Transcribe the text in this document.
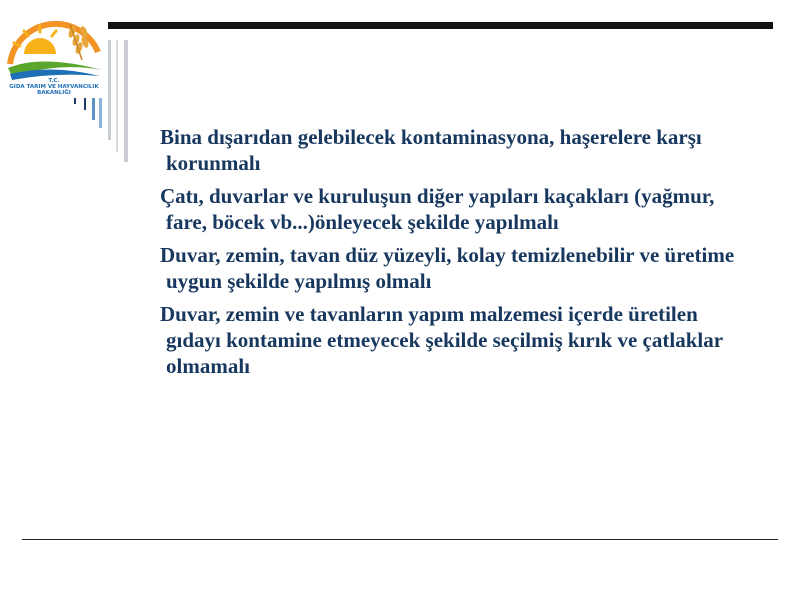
T.C.
GIDA TARIM VE HAYVANCILIK
BAKANLIĞI
Bina dışarıdan gelebilecek kontaminasyona, haşerelere karşı korunmalı
Çatı, duvarlar ve kuruluşun diğer yapıları kaçakları (yağmur, fare, böcek vb...)önleyecek şekilde yapılmalı
Duvar, zemin, tavan düz yüzeyli, kolay temizlenebilir ve üretime uygun şekilde yapılmış olmalı
Duvar, zemin ve tavanların yapım malzemesi içerde üretilen gıdayı kontamine etmeyecek şekilde seçilmiş kırık ve çatlaklar olmamalı
